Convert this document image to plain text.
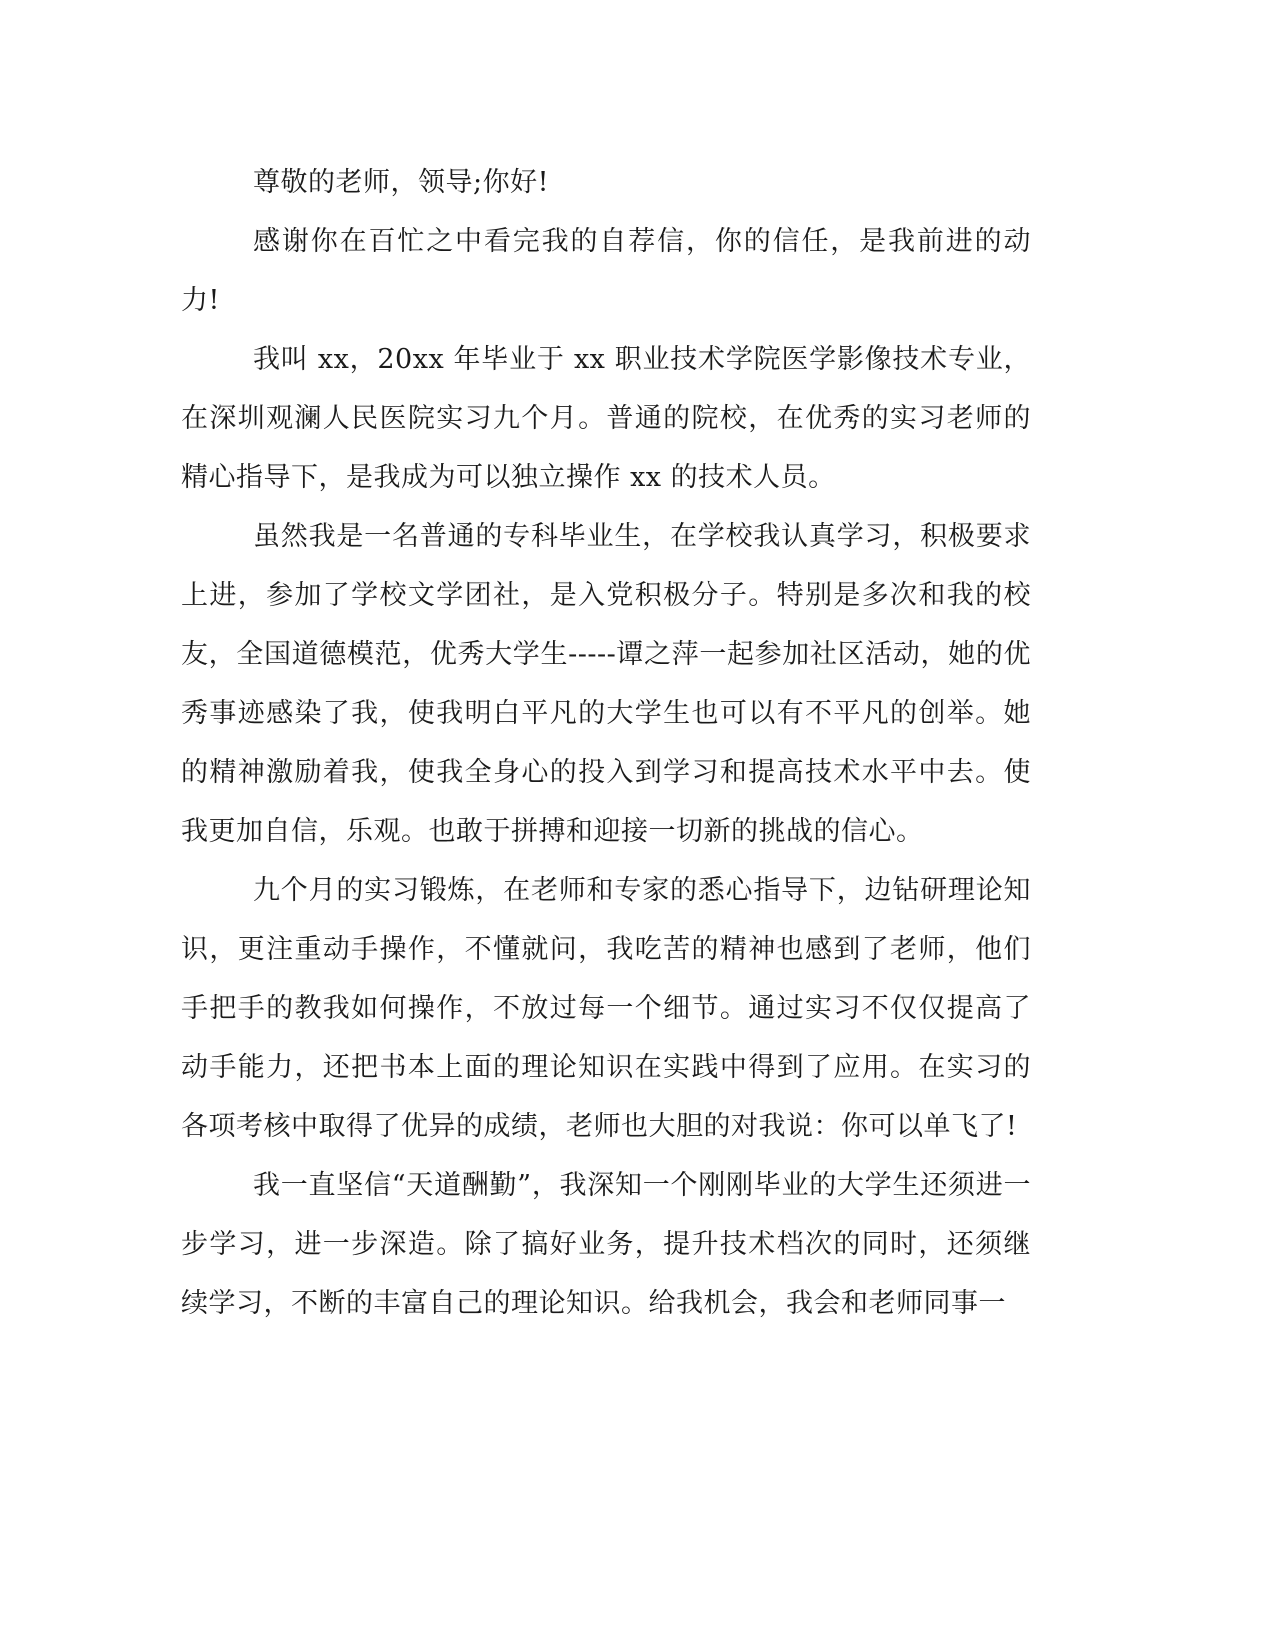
尊敬的老师，领导;你好!

感谢你在百忙之中看完我的自荐信，你的信任，是我前进的动力!

我叫 xx，20xx 年毕业于 xx 职业技术学院医学影像技术专业，在深圳观澜人民医院实习九个月。普通的院校，在优秀的实习老师的精心指导下，是我成为可以独立操作 xx 的技术人员。

虽然我是一名普通的专科毕业生，在学校我认真学习，积极要求上进，参加了学校文学团社，是入党积极分子。特别是多次和我的校友，全国道德模范，优秀大学生-----谭之萍一起参加社区活动，她的优秀事迹感染了我，使我明白平凡的大学生也可以有不平凡的创举。她的精神激励着我，使我全身心的投入到学习和提高技术水平中去。使我更加自信，乐观。也敢于拼搏和迎接一切新的挑战的信心。

九个月的实习锻炼，在老师和专家的悉心指导下，边钻研理论知识，更注重动手操作，不懂就问，我吃苦的精神也感到了老师，他们手把手的教我如何操作，不放过每一个细节。通过实习不仅仅提高了动手能力，还把书本上面的理论知识在实践中得到了应用。在实习的各项考核中取得了优异的成绩，老师也大胆的对我说：你可以单飞了!

我一直坚信“天道酬勤”，我深知一个刚刚毕业的大学生还须进一步学习，进一步深造。除了搞好业务，提升技术档次的同时，还须继续学习，不断的丰富自己的理论知识。给我机会，我会和老师同事一
